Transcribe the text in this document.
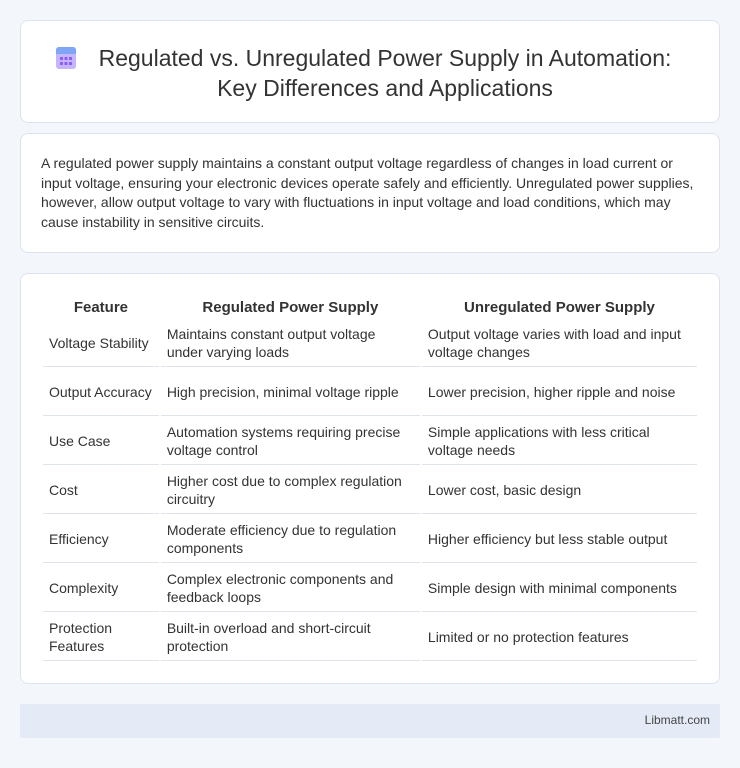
Regulated vs. Unregulated Power Supply in Automation: Key Differences and Applications

A regulated power supply maintains a constant output voltage regardless of changes in load current or input voltage, ensuring your electronic devices operate safely and efficiently. Unregulated power supplies, however, allow output voltage to vary with fluctuations in input voltage and load conditions, which may cause instability in sensitive circuits.

Feature	Regulated Power Supply	Unregulated Power Supply
Voltage Stability	Maintains constant output voltage under varying loads	Output voltage varies with load and input voltage changes
Output Accuracy	High precision, minimal voltage ripple	Lower precision, higher ripple and noise
Use Case	Automation systems requiring precise voltage control	Simple applications with less critical voltage needs
Cost	Higher cost due to complex regulation circuitry	Lower cost, basic design
Efficiency	Moderate efficiency due to regulation components	Higher efficiency but less stable output
Complexity	Complex electronic components and feedback loops	Simple design with minimal components
Protection Features	Built-in overload and short-circuit protection	Limited or no protection features
Libmatt.com
